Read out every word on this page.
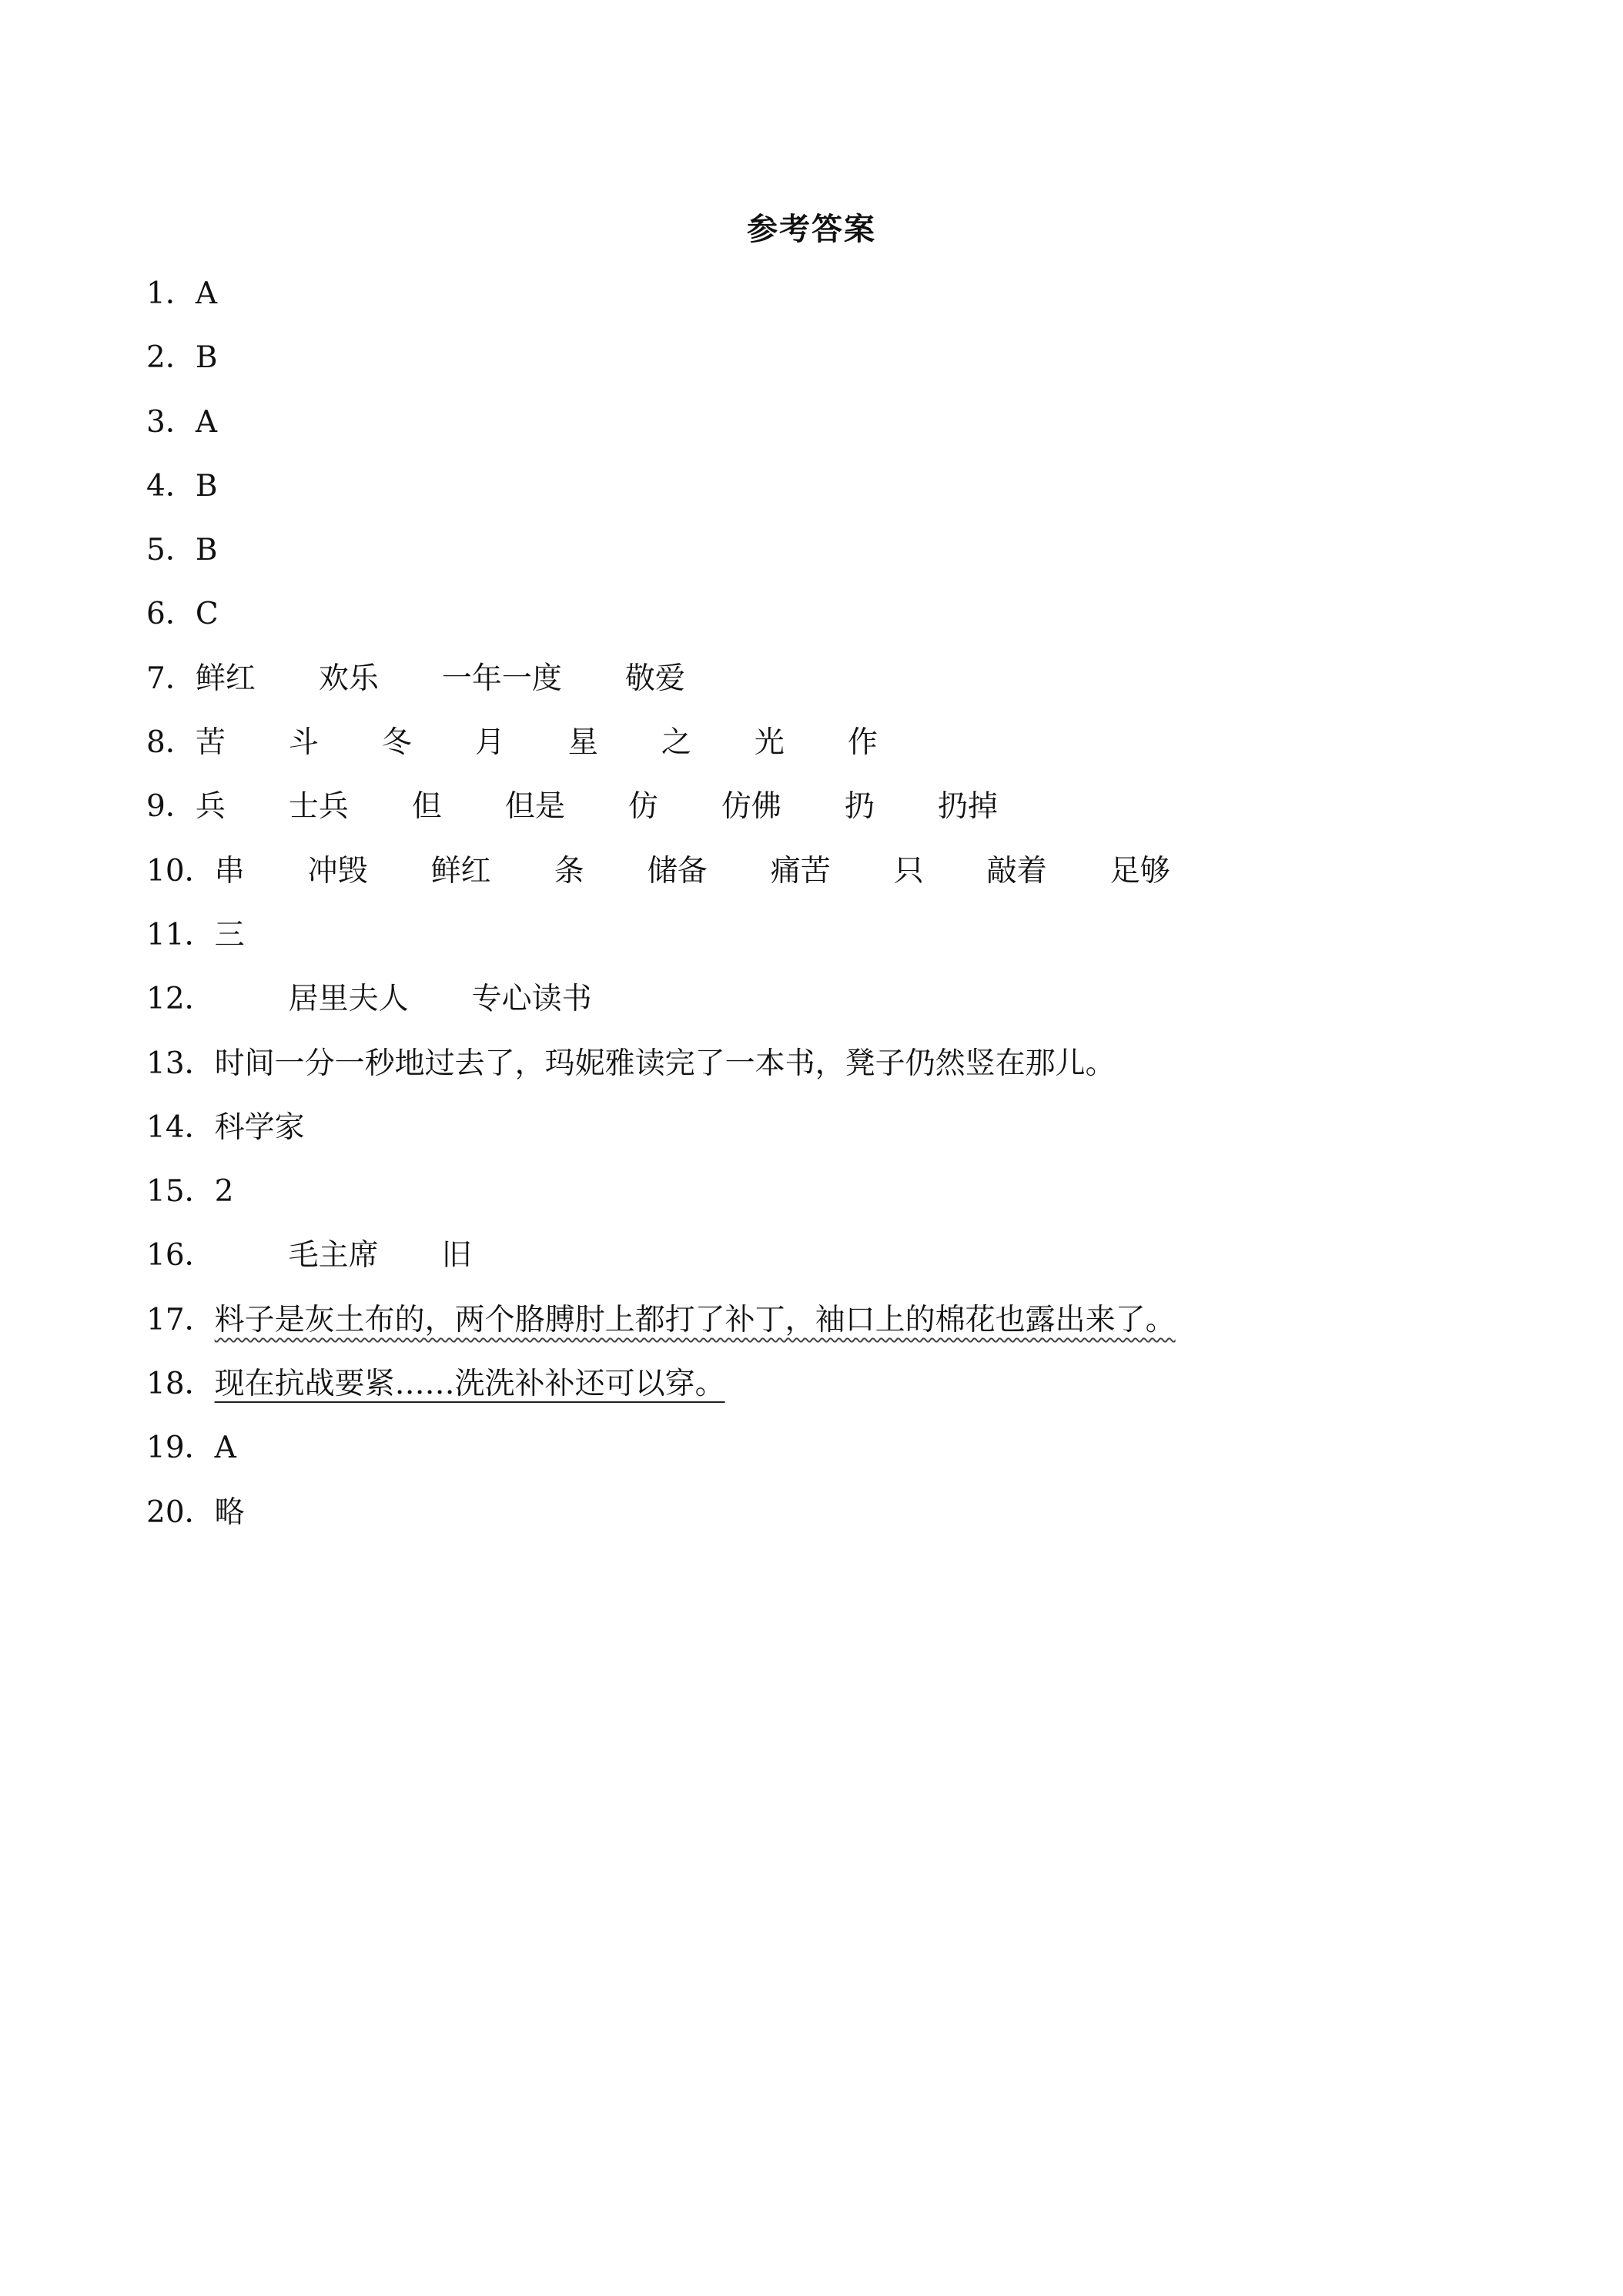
参考答案
1． A
2． B
3． A
4． B
5． B
6． C
7． 鲜红 欢乐 一年一度 敬爱
8． 苦 斗 冬 月 星 之 光 作
9． 兵 士兵 但 但是 仿 仿佛 扔 扔掉
10． 串 冲毁 鲜红 条 储备 痛苦 只 敲着 足够
11． 三
12． 居里夫人 专心读书
13． 时间一分一秒地过去了，玛妮雅读完了一本书，凳子仍然竖在那儿。
14． 科学家
15． 2
16． 毛主席 旧
17． 料子是灰土布的，两个胳膊肘上都打了补丁，袖口上的棉花也露出来了。
18． 现在抗战要紧……洗洗补补还可以穿。
19． A
20． 略
